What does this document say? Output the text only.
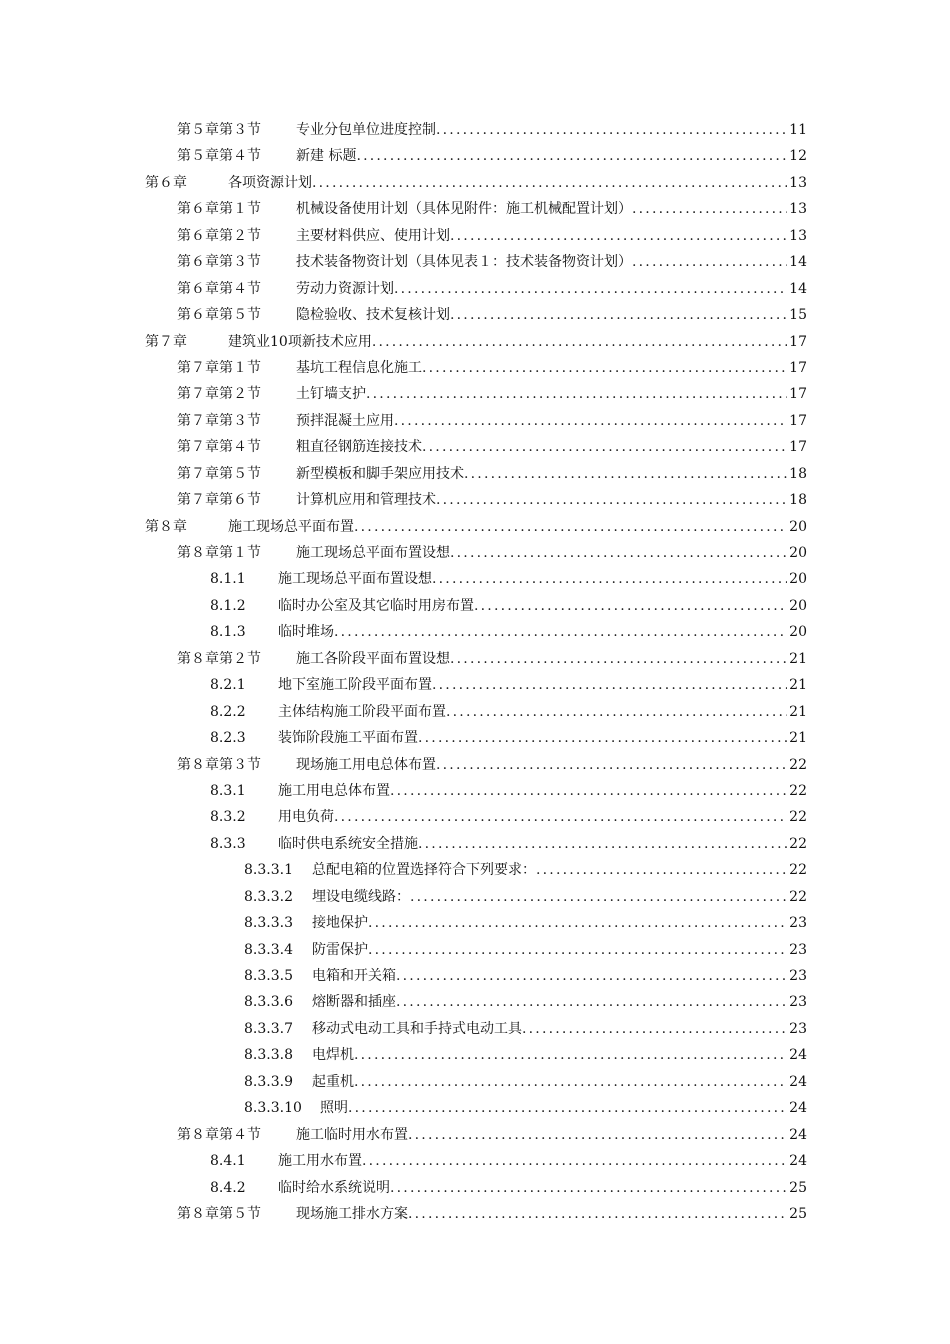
第５章第３节	专业分包单位进度控制 .....	11
第５章第４节	新建 标题 .....	12
第６章	各项资源计划 .....	13
第６章第１节	机械设备使用计划（具体见附件：施工机械配置计划） .....	13
第６章第２节	主要材料供应、使用计划 .....	13
第６章第３节	技术装备物资计划（具体见表１：技术装备物资计划） .....	14
第６章第４节	劳动力资源计划 .....	14
第６章第５节	隐检验收、技术复核计划 .....	15
第７章	建筑业10项新技术应用 .....	17
第７章第１节	基坑工程信息化施工 .....	17
第７章第２节	土钉墙支护 .....	17
第７章第３节	预拌混凝土应用 .....	17
第７章第４节	粗直径钢筋连接技术 .....	17
第７章第５节	新型模板和脚手架应用技术 .....	18
第７章第６节	计算机应用和管理技术 .....	18
第８章	施工现场总平面布置 .....	20
第８章第１节	施工现场总平面布置设想 .....	20
8.1.1 施工现场总平面布置设想 .....	20
8.1.2 临时办公室及其它临时用房布置 .....	20
8.1.3 临时堆场 .....	20
第８章第２节	施工各阶段平面布置设想 .....	21
8.2.1 地下室施工阶段平面布置 .....	21
8.2.2 主体结构施工阶段平面布置 .....	21
8.2.3 装饰阶段施工平面布置 .....	21
第８章第３节	现场施工用电总体布置 .....	22
8.3.1 施工用电总体布置 .....	22
8.3.2 用电负荷 .....	22
8.3.3 临时供电系统安全措施 .....	22
8.3.3.1 总配电箱的位置选择符合下列要求： .....	22
8.3.3.2 埋设电缆线路： .....	22
8.3.3.3 接地保护 .....	23
8.3.3.4 防雷保护 .....	23
8.3.3.5 电箱和开关箱 .....	23
8.3.3.6 熔断器和插座 .....	23
8.3.3.7 移动式电动工具和手持式电动工具 .....	23
8.3.3.8 电焊机 .....	24
8.3.3.9 起重机 .....	24
8.3.3.10 照明 .....	24
第８章第４节	施工临时用水布置 .....	24
8.4.1 施工用水布置 .....	24
8.4.2 临时给水系统说明 .....	25
第８章第５节	现场施工排水方案 .....	25
